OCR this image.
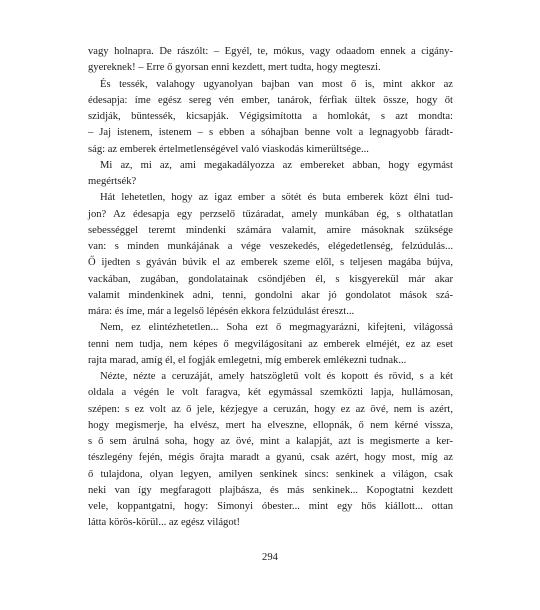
vagy holnapra. De rászólt: – Egyél, te, mókus, vagy odaadom ennek a cigány-
gyereknek! – Erre ő gyorsan enni kezdett, mert tudta, hogy megteszi.
És tessék, valahogy ugyanolyan bajban van most ő is, mint akkor az
édesapja: íme egész sereg vén ember, tanárok, férfiak ültek össze, hogy őt
szidják, büntessék, kicsapják. Végigsimította a homlokát, s azt mondta:
– Jaj istenem, istenem – s ebben a sóhajban benne volt a legnagyobb fáradt-
ság: az emberek értelmetlenségével való viaskodás kimerültsége...
Mi az, mi az, ami megakadályozza az embereket abban, hogy egymást
megértsék?
Hát lehetetlen, hogy az igaz ember a sötét és buta emberek közt élni tud-
jon? Az édesapja egy perzselő tűzáradat, amely munkában ég, s olthatatlan
sebességgel teremt mindenki számára valamit, amire másoknak szüksége
van: s minden munkájának a vége veszekedés, elégedetlenség, felzúdulás...
Ő ijedten s gyáván búvik el az emberek szeme elől, s teljesen magába bújva,
vackában, zugában, gondolatainak csöndjében él, s kisgyerekül már akar
valamit mindenkinek adni, tenni, gondolni akar jó gondolatot mások szá-
mára: és íme, már a legelső lépésén ekkora felzúdulást éreszt...
Nem, ez elintézhetetlen... Soha ezt ő megmagyarázni, kifejteni, világossá
tenni nem tudja, nem képes ő megvilágosítani az emberek elméjét, ez az eset
rajta marad, amíg él, el fogják emlegetni, míg emberek emlékezni tudnak...
Nézte, nézte a ceruzáját, amely hatszögletű volt és kopott és rövid, s a két
oldala a végén le volt faragva, két egymással szemközti lapja, hullámosan,
szépen: s ez volt az ő jele, kézjegye a ceruzán, hogy ez az övé, nem is azért,
hogy megismerje, ha elvész, mert ha elveszne, ellopnák, ő nem kérné vissza,
s ő sem árulná soha, hogy az övé, mint a kalapját, azt is megismerte a ker-
tészlegény fején, mégis őrajta maradt a gyanú, csak azért, hogy most, míg az
ő tulajdona, olyan legyen, amilyen senkinek sincs: senkinek a világon, csak
neki van így megfaragott plajbásza, és más senkinek... Kopogtatni kezdett
vele, koppantgatni, hogy: Simonyi óbester... mint egy hős kiállott... ottan
látta körös-körül... az egész világot!
294
